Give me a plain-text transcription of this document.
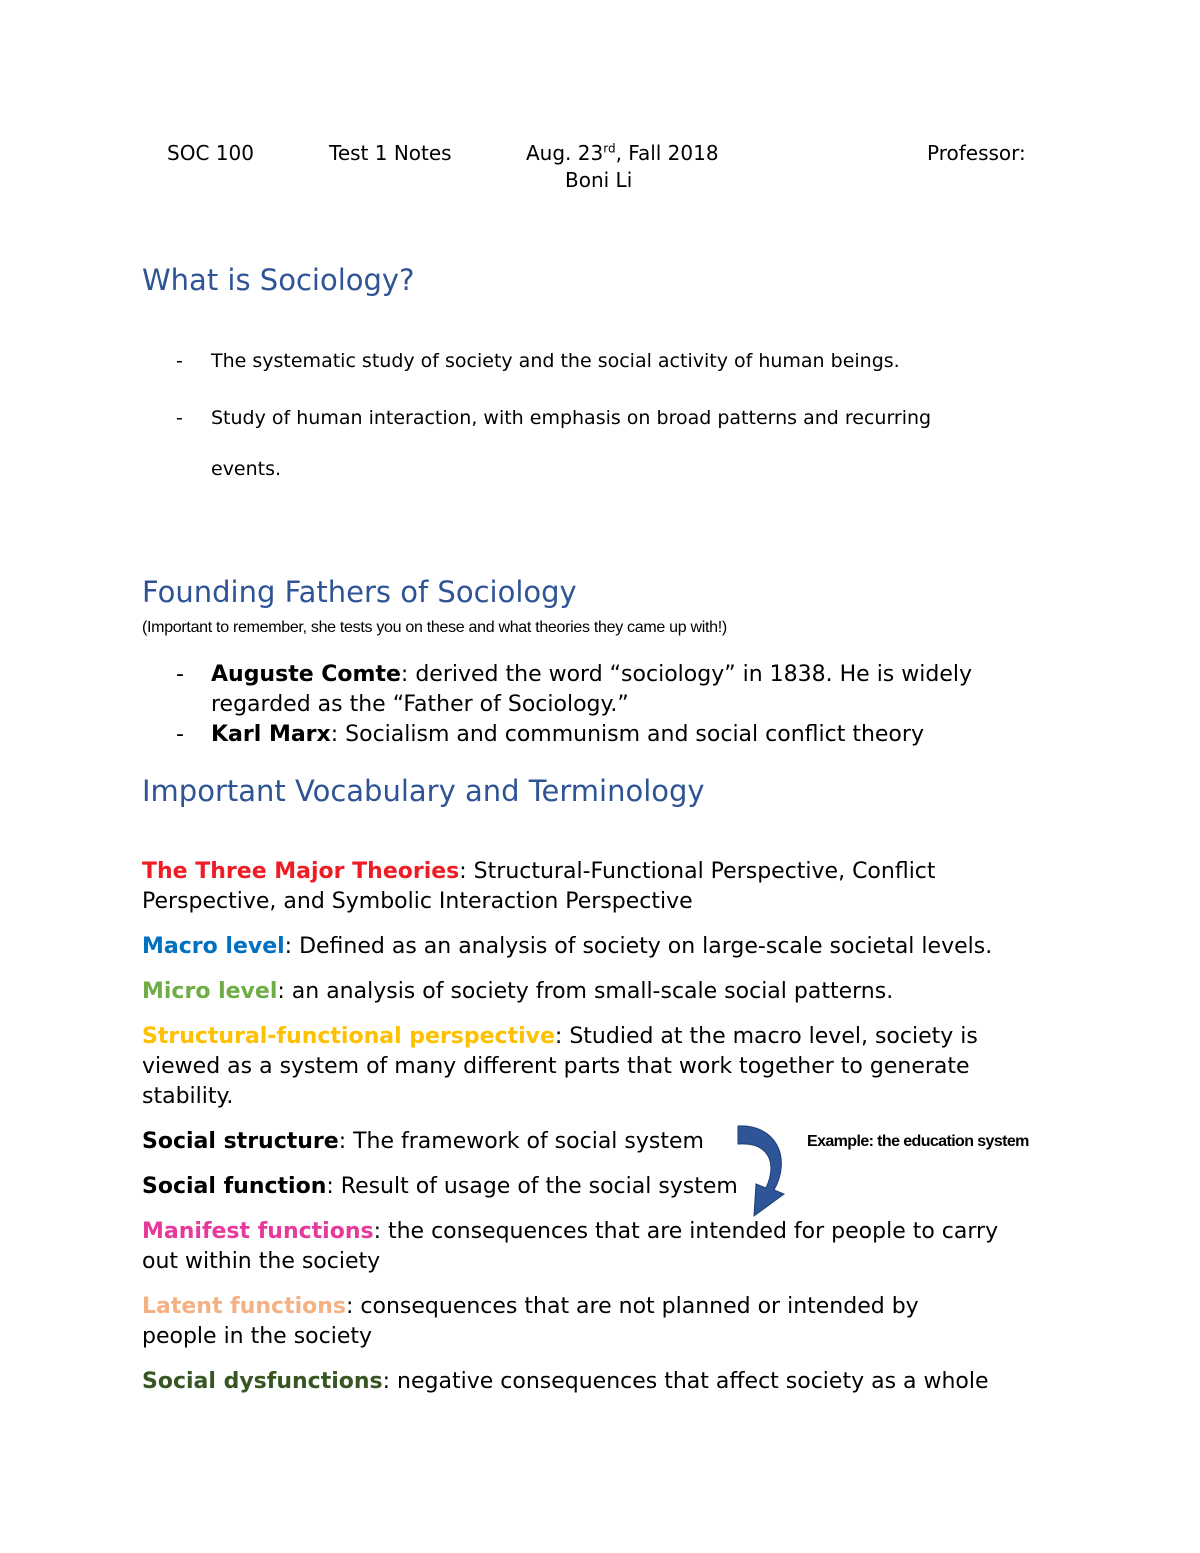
SOC 100	Test 1 Notes	Aug. 23rd, Fall 2018	Professor:
Boni Li
What is Sociology?
- The systematic study of society and the social activity of human beings.
- Study of human interaction, with emphasis on broad patterns and recurring
events.
Founding Fathers of Sociology
(Important to remember, she tests you on these and what theories they came up with!)
- Auguste Comte: derived the word “sociology” in 1838. He is widely
regarded as the “Father of Sociology.”
- Karl Marx: Socialism and communism and social conflict theory
Important Vocabulary and Terminology
The Three Major Theories: Structural-Functional Perspective, Conflict
Perspective, and Symbolic Interaction Perspective
Macro level: Defined as an analysis of society on large-scale societal levels.
Micro level: an analysis of society from small-scale social patterns.
Structural-functional perspective: Studied at the macro level, society is
viewed as a system of many different parts that work together to generate
stability.
Social structure: The framework of social system
Social function: Result of usage of the social system
Example: the education system
Manifest functions: the consequences that are intended for people to carry
out within the society
Latent functions: consequences that are not planned or intended by
people in the society
Social dysfunctions: negative consequences that affect society as a whole
